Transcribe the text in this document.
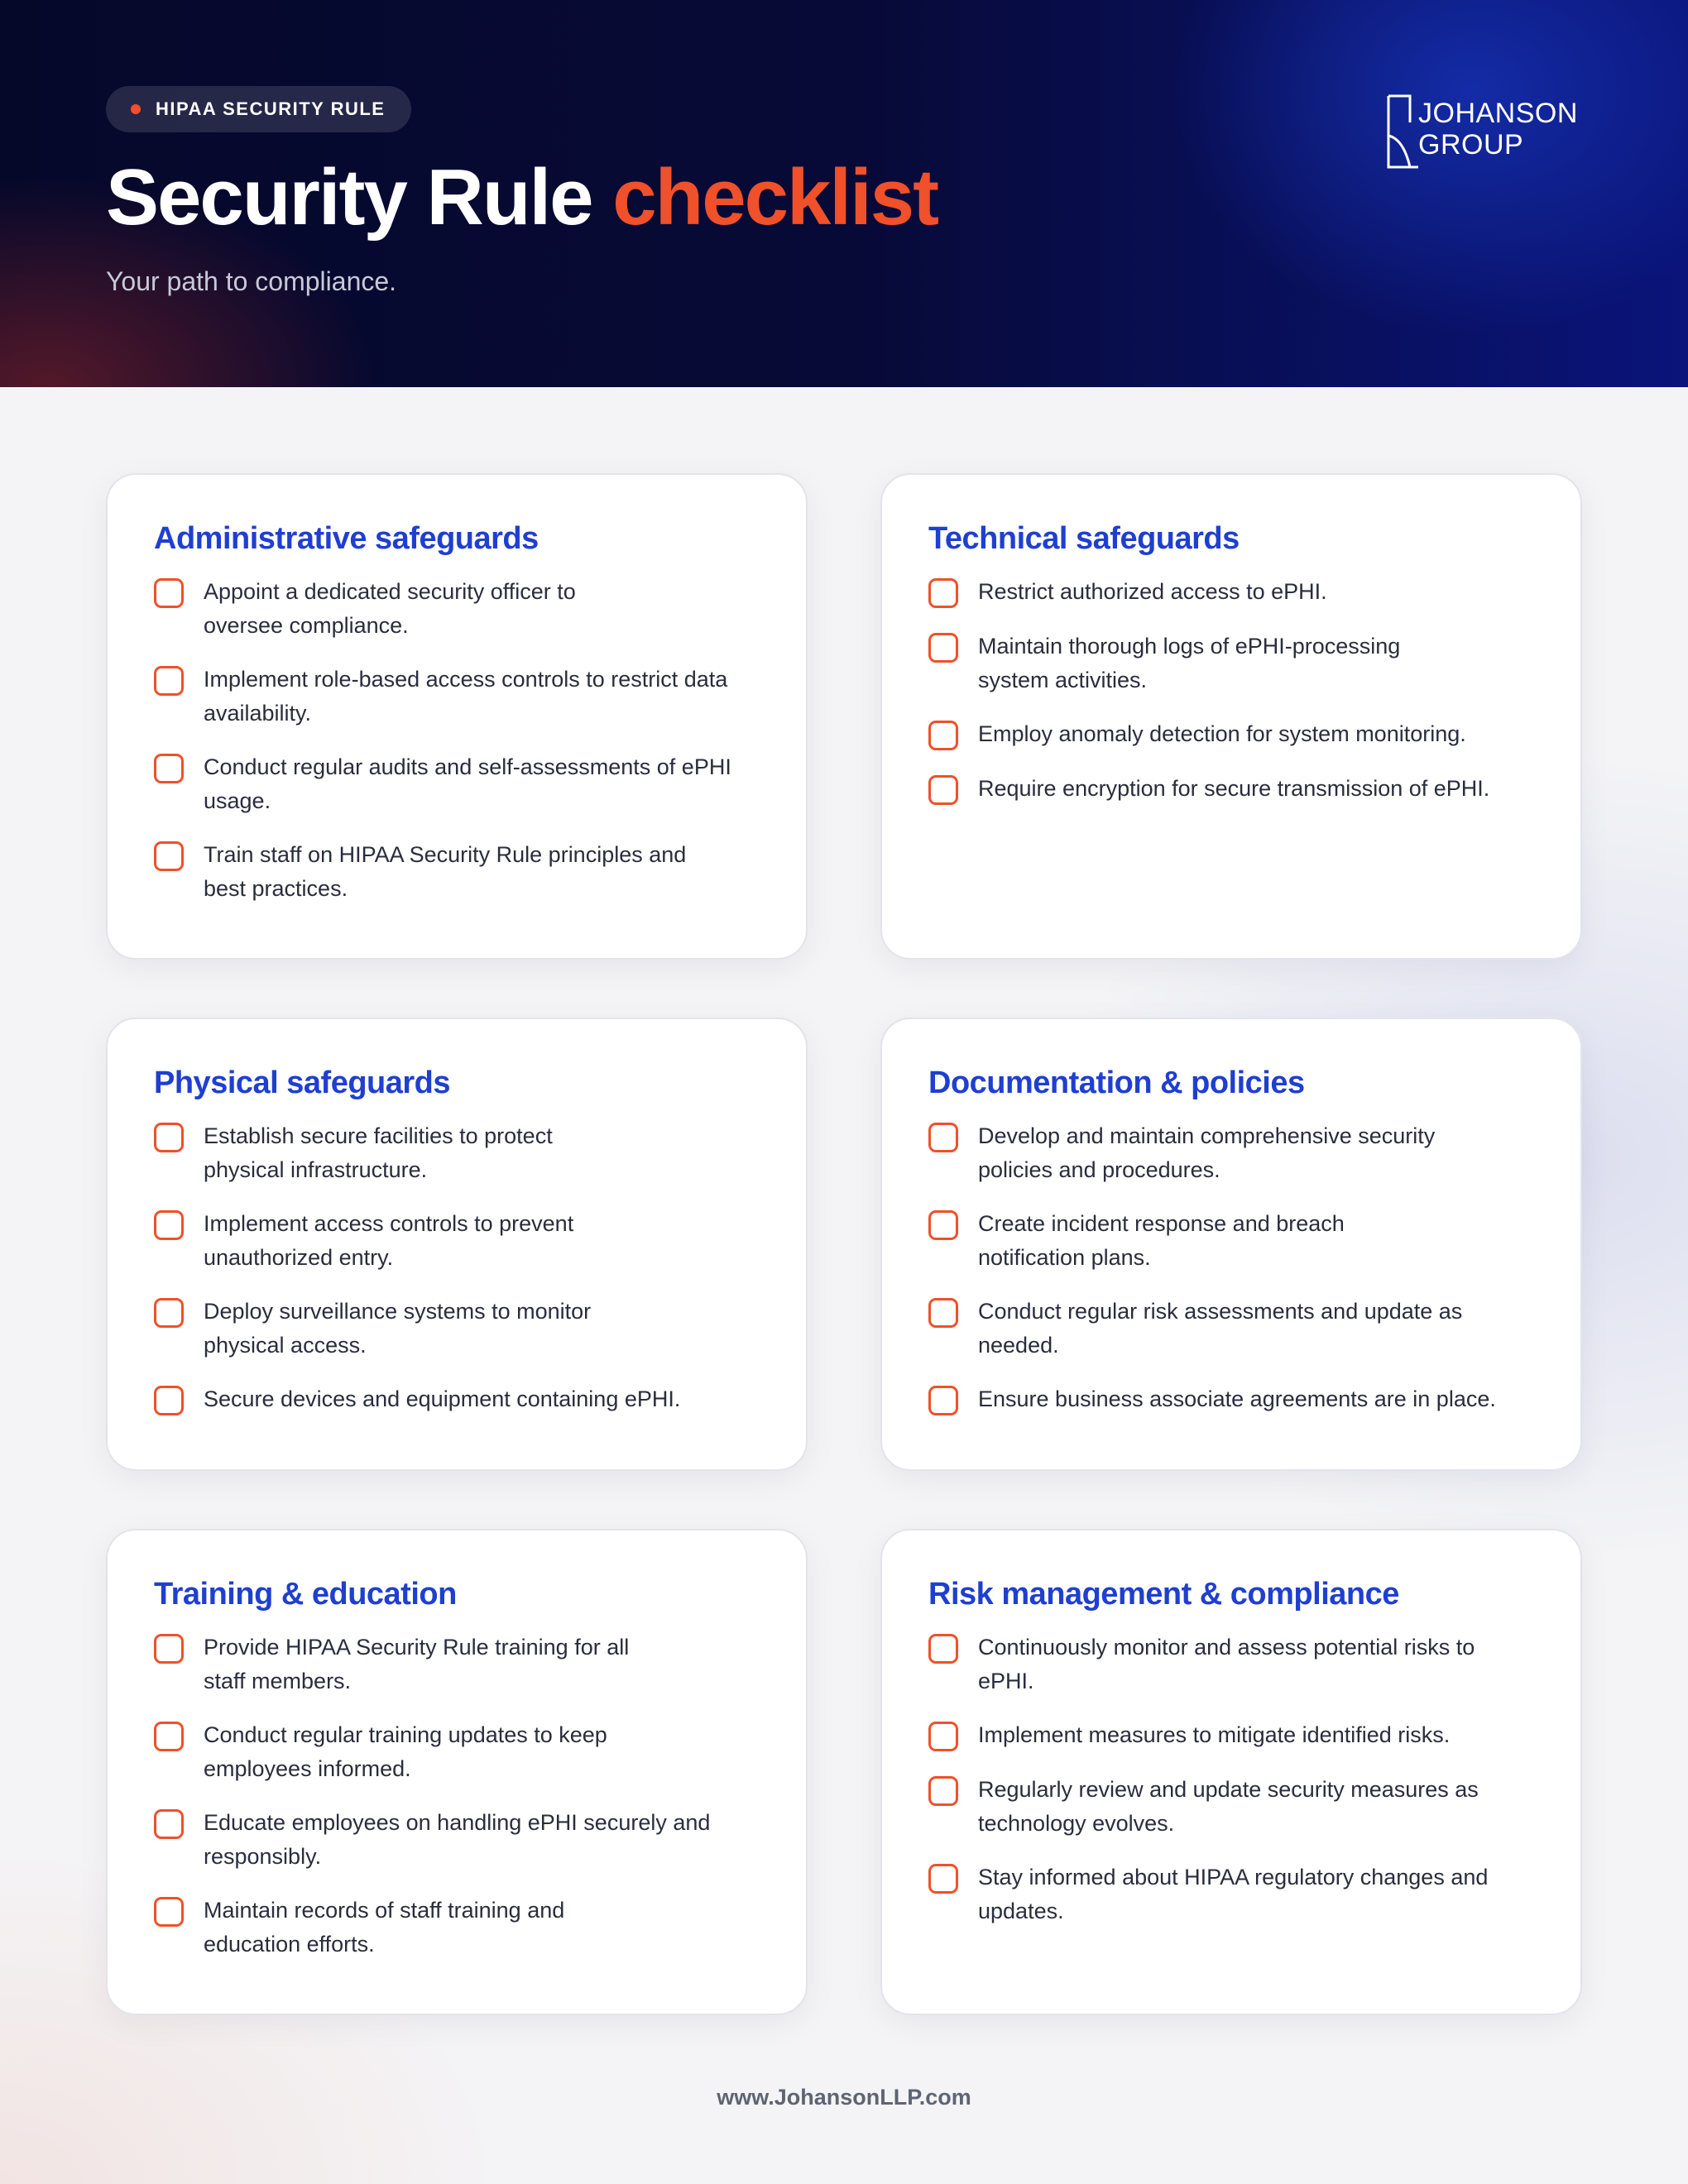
HIPAA SECURITY RULE
Security Rule checklist
Your path to compliance.
JOHANSON
GROUP
Administrative safeguards
Appoint a dedicated security officer to oversee compliance.
Implement role-based access controls to restrict data availability.
Conduct regular audits and self-assessments of ePHI usage.
Train staff on HIPAA Security Rule principles and best practices.
Technical safeguards
Restrict authorized access to ePHI.
Maintain thorough logs of ePHI-processing system activities.
Employ anomaly detection for system monitoring.
Require encryption for secure transmission of ePHI.
Physical safeguards
Establish secure facilities to protect physical infrastructure.
Implement access controls to prevent unauthorized entry.
Deploy surveillance systems to monitor physical access.
Secure devices and equipment containing ePHI.
Documentation & policies
Develop and maintain comprehensive security policies and procedures.
Create incident response and breach notification plans.
Conduct regular risk assessments and update as needed.
Ensure business associate agreements are in place.
Training & education
Provide HIPAA Security Rule training for all staff members.
Conduct regular training updates to keep employees informed.
Educate employees on handling ePHI securely and responsibly.
Maintain records of staff training and education efforts.
Risk management & compliance
Continuously monitor and assess potential risks to ePHI.
Implement measures to mitigate identified risks.
Regularly review and update security measures as technology evolves.
Stay informed about HIPAA regulatory changes and updates.
www.JohansonLLP.com
